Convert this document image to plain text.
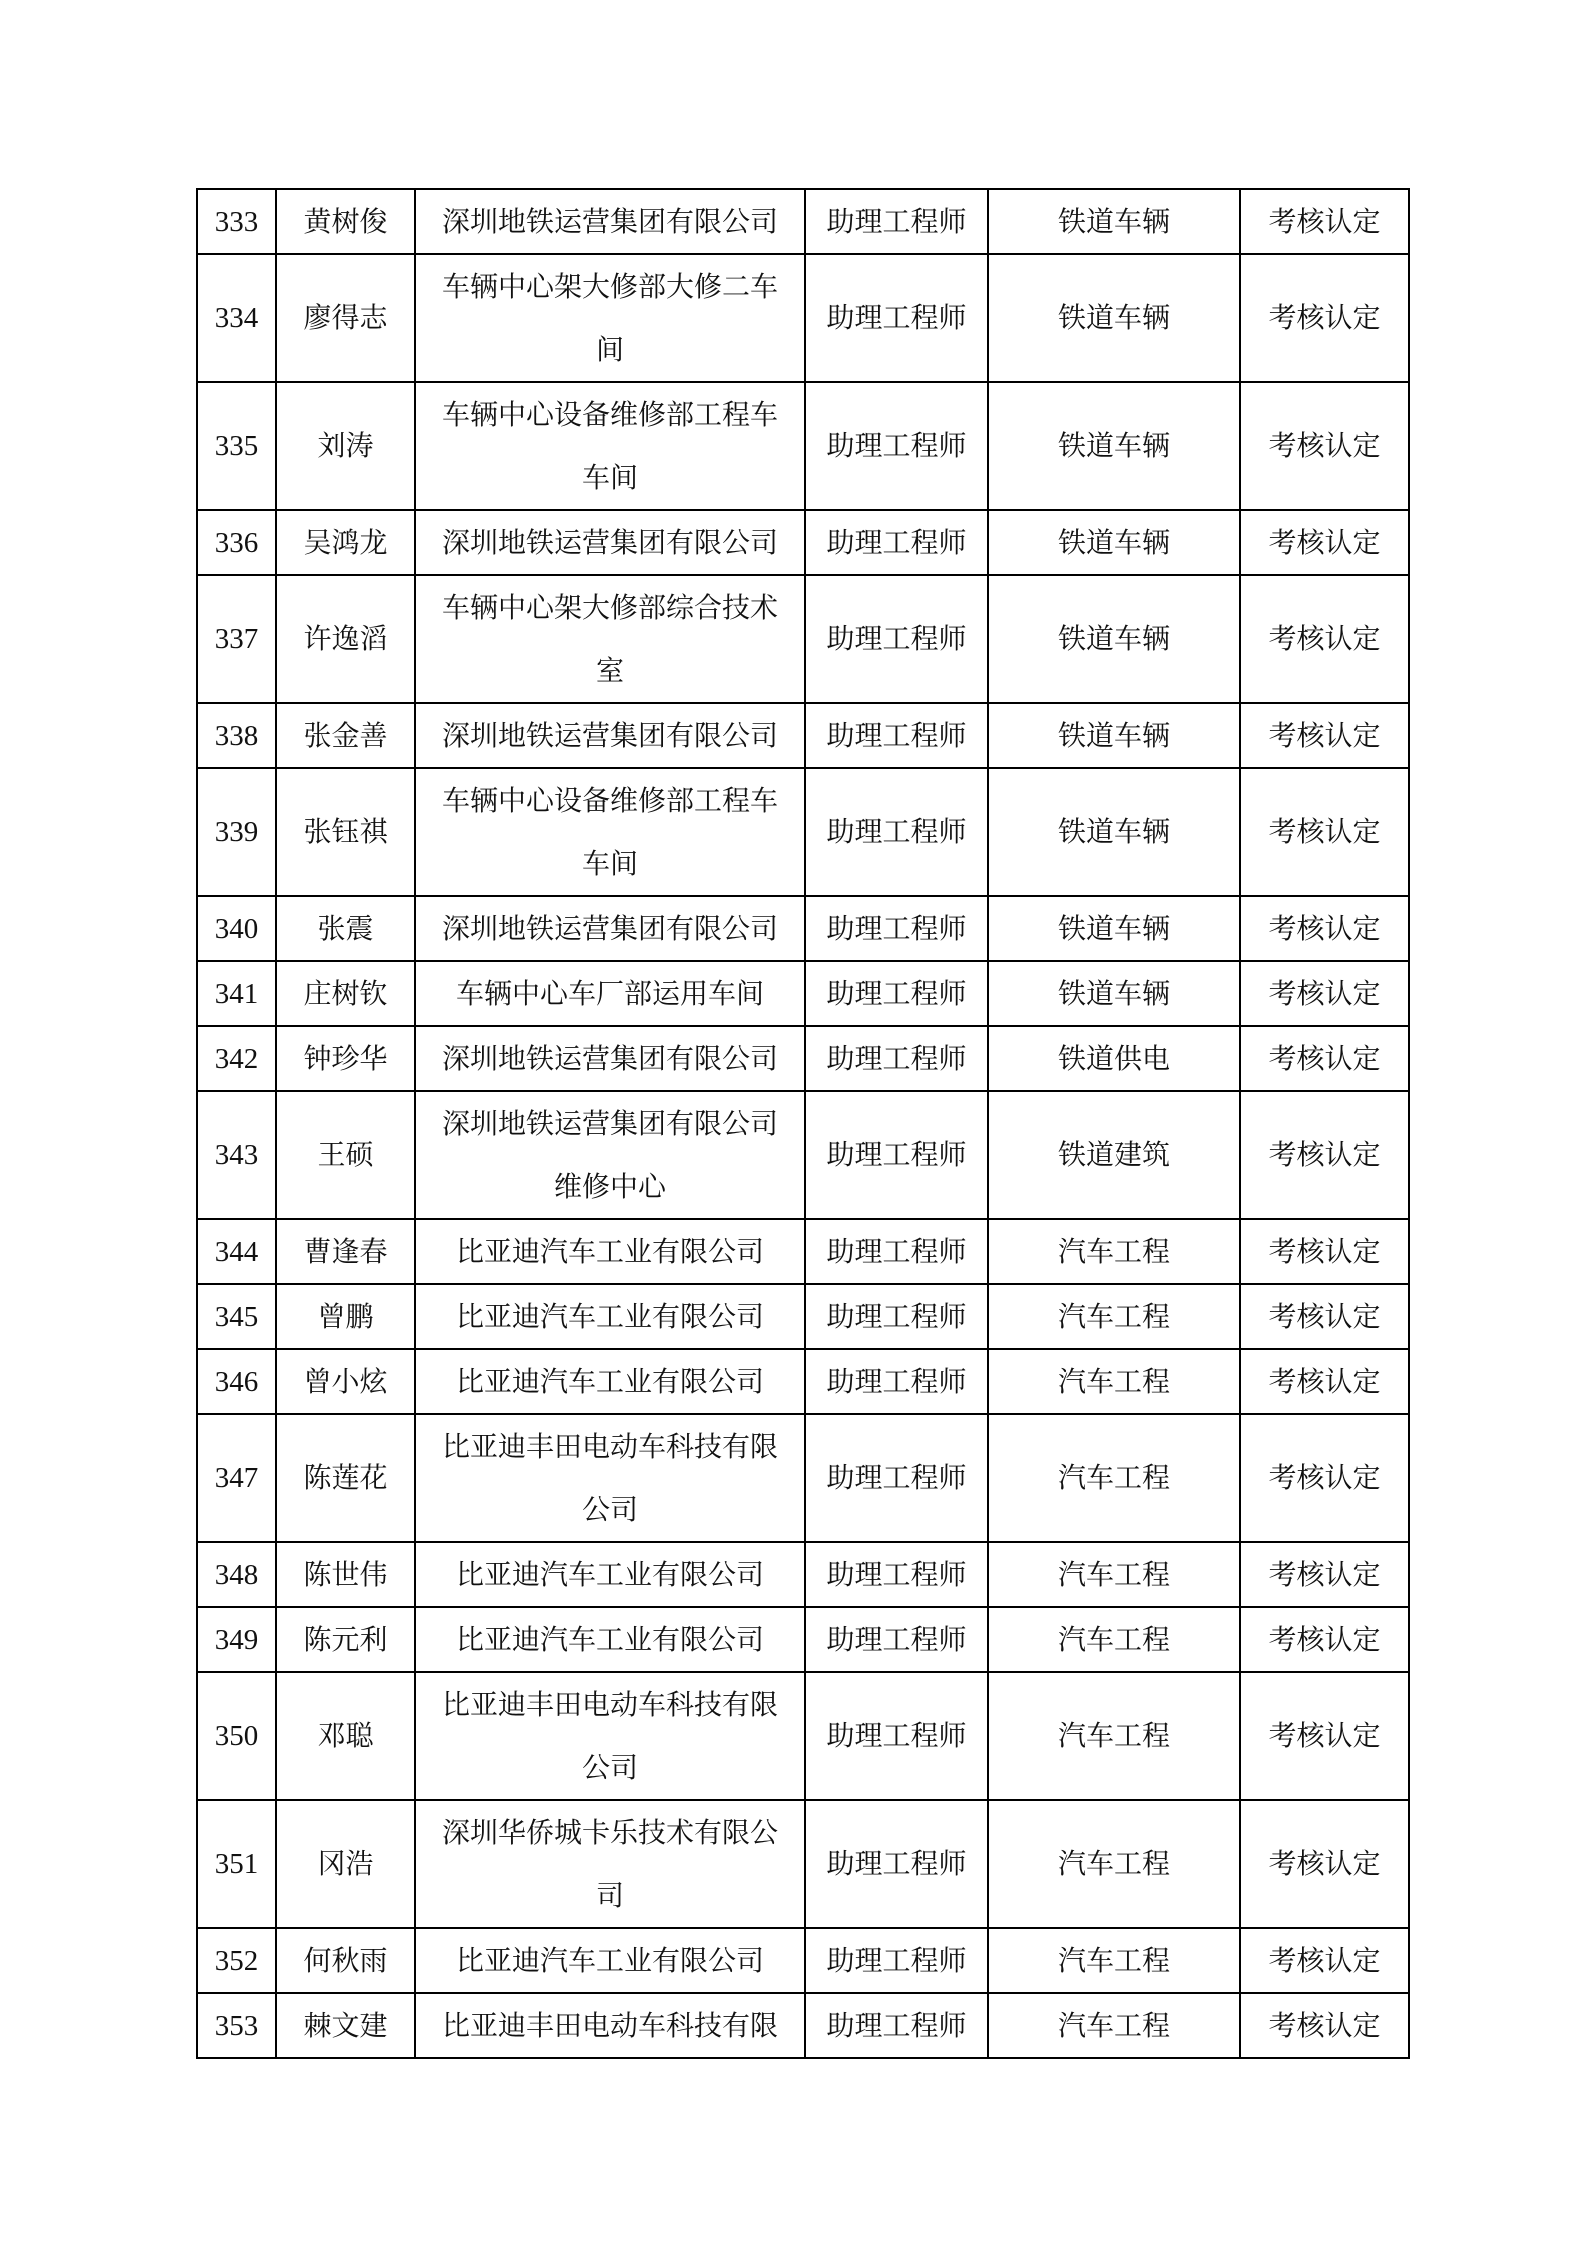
333	黄树俊	深圳地铁运营集团有限公司	助理工程师	铁道车辆	考核认定
334	廖得志	车辆中心架大修部大修二车间	助理工程师	铁道车辆	考核认定
335	刘涛	车辆中心设备维修部工程车车间	助理工程师	铁道车辆	考核认定
336	吴鸿龙	深圳地铁运营集团有限公司	助理工程师	铁道车辆	考核认定
337	许逸滔	车辆中心架大修部综合技术室	助理工程师	铁道车辆	考核认定
338	张金善	深圳地铁运营集团有限公司	助理工程师	铁道车辆	考核认定
339	张钰祺	车辆中心设备维修部工程车车间	助理工程师	铁道车辆	考核认定
340	张震	深圳地铁运营集团有限公司	助理工程师	铁道车辆	考核认定
341	庄树钦	车辆中心车厂部运用车间	助理工程师	铁道车辆	考核认定
342	钟珍华	深圳地铁运营集团有限公司	助理工程师	铁道供电	考核认定
343	王硕	深圳地铁运营集团有限公司维修中心	助理工程师	铁道建筑	考核认定
344	曹逢春	比亚迪汽车工业有限公司	助理工程师	汽车工程	考核认定
345	曾鹏	比亚迪汽车工业有限公司	助理工程师	汽车工程	考核认定
346	曾小炫	比亚迪汽车工业有限公司	助理工程师	汽车工程	考核认定
347	陈莲花	比亚迪丰田电动车科技有限公司	助理工程师	汽车工程	考核认定
348	陈世伟	比亚迪汽车工业有限公司	助理工程师	汽车工程	考核认定
349	陈元利	比亚迪汽车工业有限公司	助理工程师	汽车工程	考核认定
350	邓聪	比亚迪丰田电动车科技有限公司	助理工程师	汽车工程	考核认定
351	冈浩	深圳华侨城卡乐技术有限公司	助理工程师	汽车工程	考核认定
352	何秋雨	比亚迪汽车工业有限公司	助理工程师	汽车工程	考核认定
353	棘文建	比亚迪丰田电动车科技有限	助理工程师	汽车工程	考核认定
